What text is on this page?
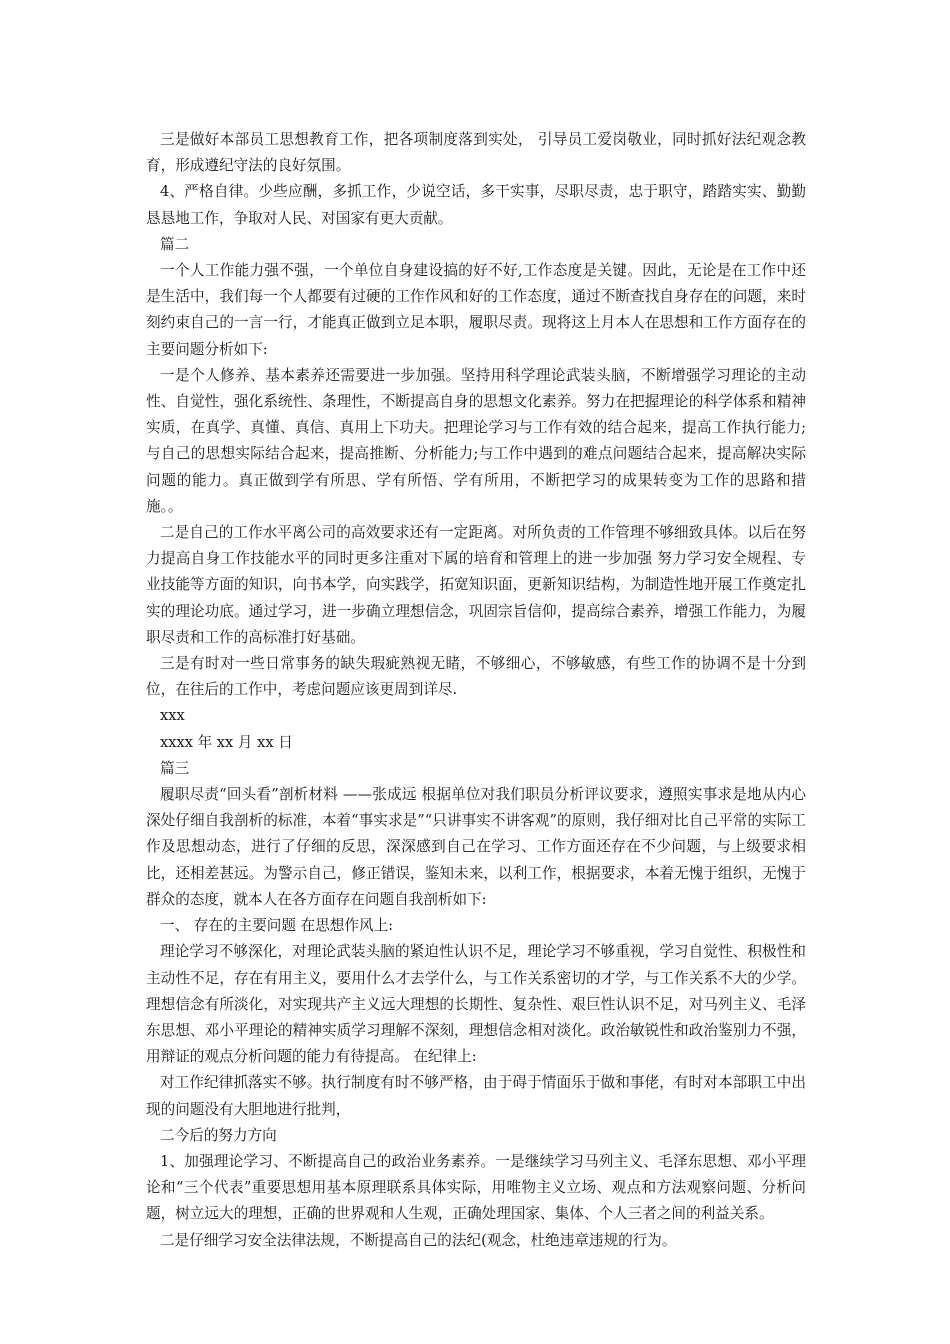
三是做好本部员工思想教育工作，把各项制度落到实处， 引导员工爱岗敬业，同时抓好法纪观念教育，形成遵纪守法的良好氛围。

4、严格自律。少些应酬，多抓工作，少说空话，多干实事，尽职尽责，忠于职守，踏踏实实、勤勤恳恳地工作，争取对人民、对国家有更大贡献。

篇二

一个人工作能力强不强，一个单位自身建设搞的好不好,工作态度是关键。因此，无论是在工作中还是生活中，我们每一个人都要有过硬的工作作风和好的工作态度，通过不断查找自身存在的问题，来时刻约束自己的一言一行，才能真正做到立足本职，履职尽责。现将这上月本人在思想和工作方面存在的主要问题分析如下:

一是个人修养、基本素养还需要进一步加强。坚持用科学理论武装头脑，不断增强学习理论的主动性、自觉性，强化系统性、条理性，不断提高自身的思想文化素养。努力在把握理论的科学体系和精神实质，在真学、真懂、真信、真用上下功夫。把理论学习与工作有效的结合起来，提高工作执行能力;与自己的思想实际结合起来，提高推断、分析能力;与工作中遇到的难点问题结合起来，提高解决实际问题的能力。真正做到学有所思、学有所悟、学有所用，不断把学习的成果转变为工作的思路和措施。。

二是自己的工作水平离公司的高效要求还有一定距离。对所负责的工作管理不够细致具体。以后在努力提高自身工作技能水平的同时更多注重对下属的培育和管理上的进一步加强 努力学习安全规程、专业技能等方面的知识，向书本学，向实践学，拓宽知识面，更新知识结构，为制造性地开展工作奠定扎实的理论功底。通过学习，进一步确立理想信念，巩固宗旨信仰，提高综合素养，增强工作能力，为履职尽责和工作的高标准打好基础。

三是有时对一些日常事务的缺失瑕疵熟视无睹，不够细心，不够敏感，有些工作的协调不是十分到位，在往后的工作中，考虑问题应该更周到详尽.

xxx

xxxx 年 xx 月 xx 日

篇三

履职尽责“回头看”剖析材料 ——张成远 根据单位对我们职员分析评议要求，遵照实事求是地从内心深处仔细自我剖析的标准，本着“事实求是”“只讲事实不讲客观”的原则，我仔细对比自己平常的实际工作及思想动态，进行了仔细的反思，深深感到自己在学习、工作方面还存在不少问题，与上级要求相比，还相差甚远。为警示自己，修正错误，鉴知未来，以利工作，根据要求，本着无愧于组织，无愧于群众的态度，就本人在各方面存在问题自我剖析如下:

一、 存在的主要问题 在思想作风上:

理论学习不够深化，对理论武装头脑的紧迫性认识不足，理论学习不够重视，学习自觉性、积极性和主动性不足，存在有用主义，要用什么才去学什么，与工作关系密切的才学，与工作关系不大的少学。理想信念有所淡化，对实现共产主义远大理想的长期性、复杂性、艰巨性认识不足，对马列主义、毛泽东思想、邓小平理论的精神实质学习理解不深刻，理想信念相对淡化。政治敏锐性和政治鉴别力不强，用辩证的观点分析问题的能力有待提高。 在纪律上:

对工作纪律抓落实不够。执行制度有时不够严格，由于碍于情面乐于做和事佬，有时对本部职工中出现的问题没有大胆地进行批判，

二今后的努力方向

1、加强理论学习、不断提高自己的政治业务素养。一是继续学习马列主义、毛泽东思想、邓小平理论和“三个代表”重要思想用基本原理联系具体实际，用唯物主义立场、观点和方法观察问题、分析问题，树立远大的理想，正确的世界观和人生观，正确处理国家、集体、个人三者之间的利益关系。

二是仔细学习安全法律法规，不断提高自己的法纪(观念，杜绝违章违规的行为。
